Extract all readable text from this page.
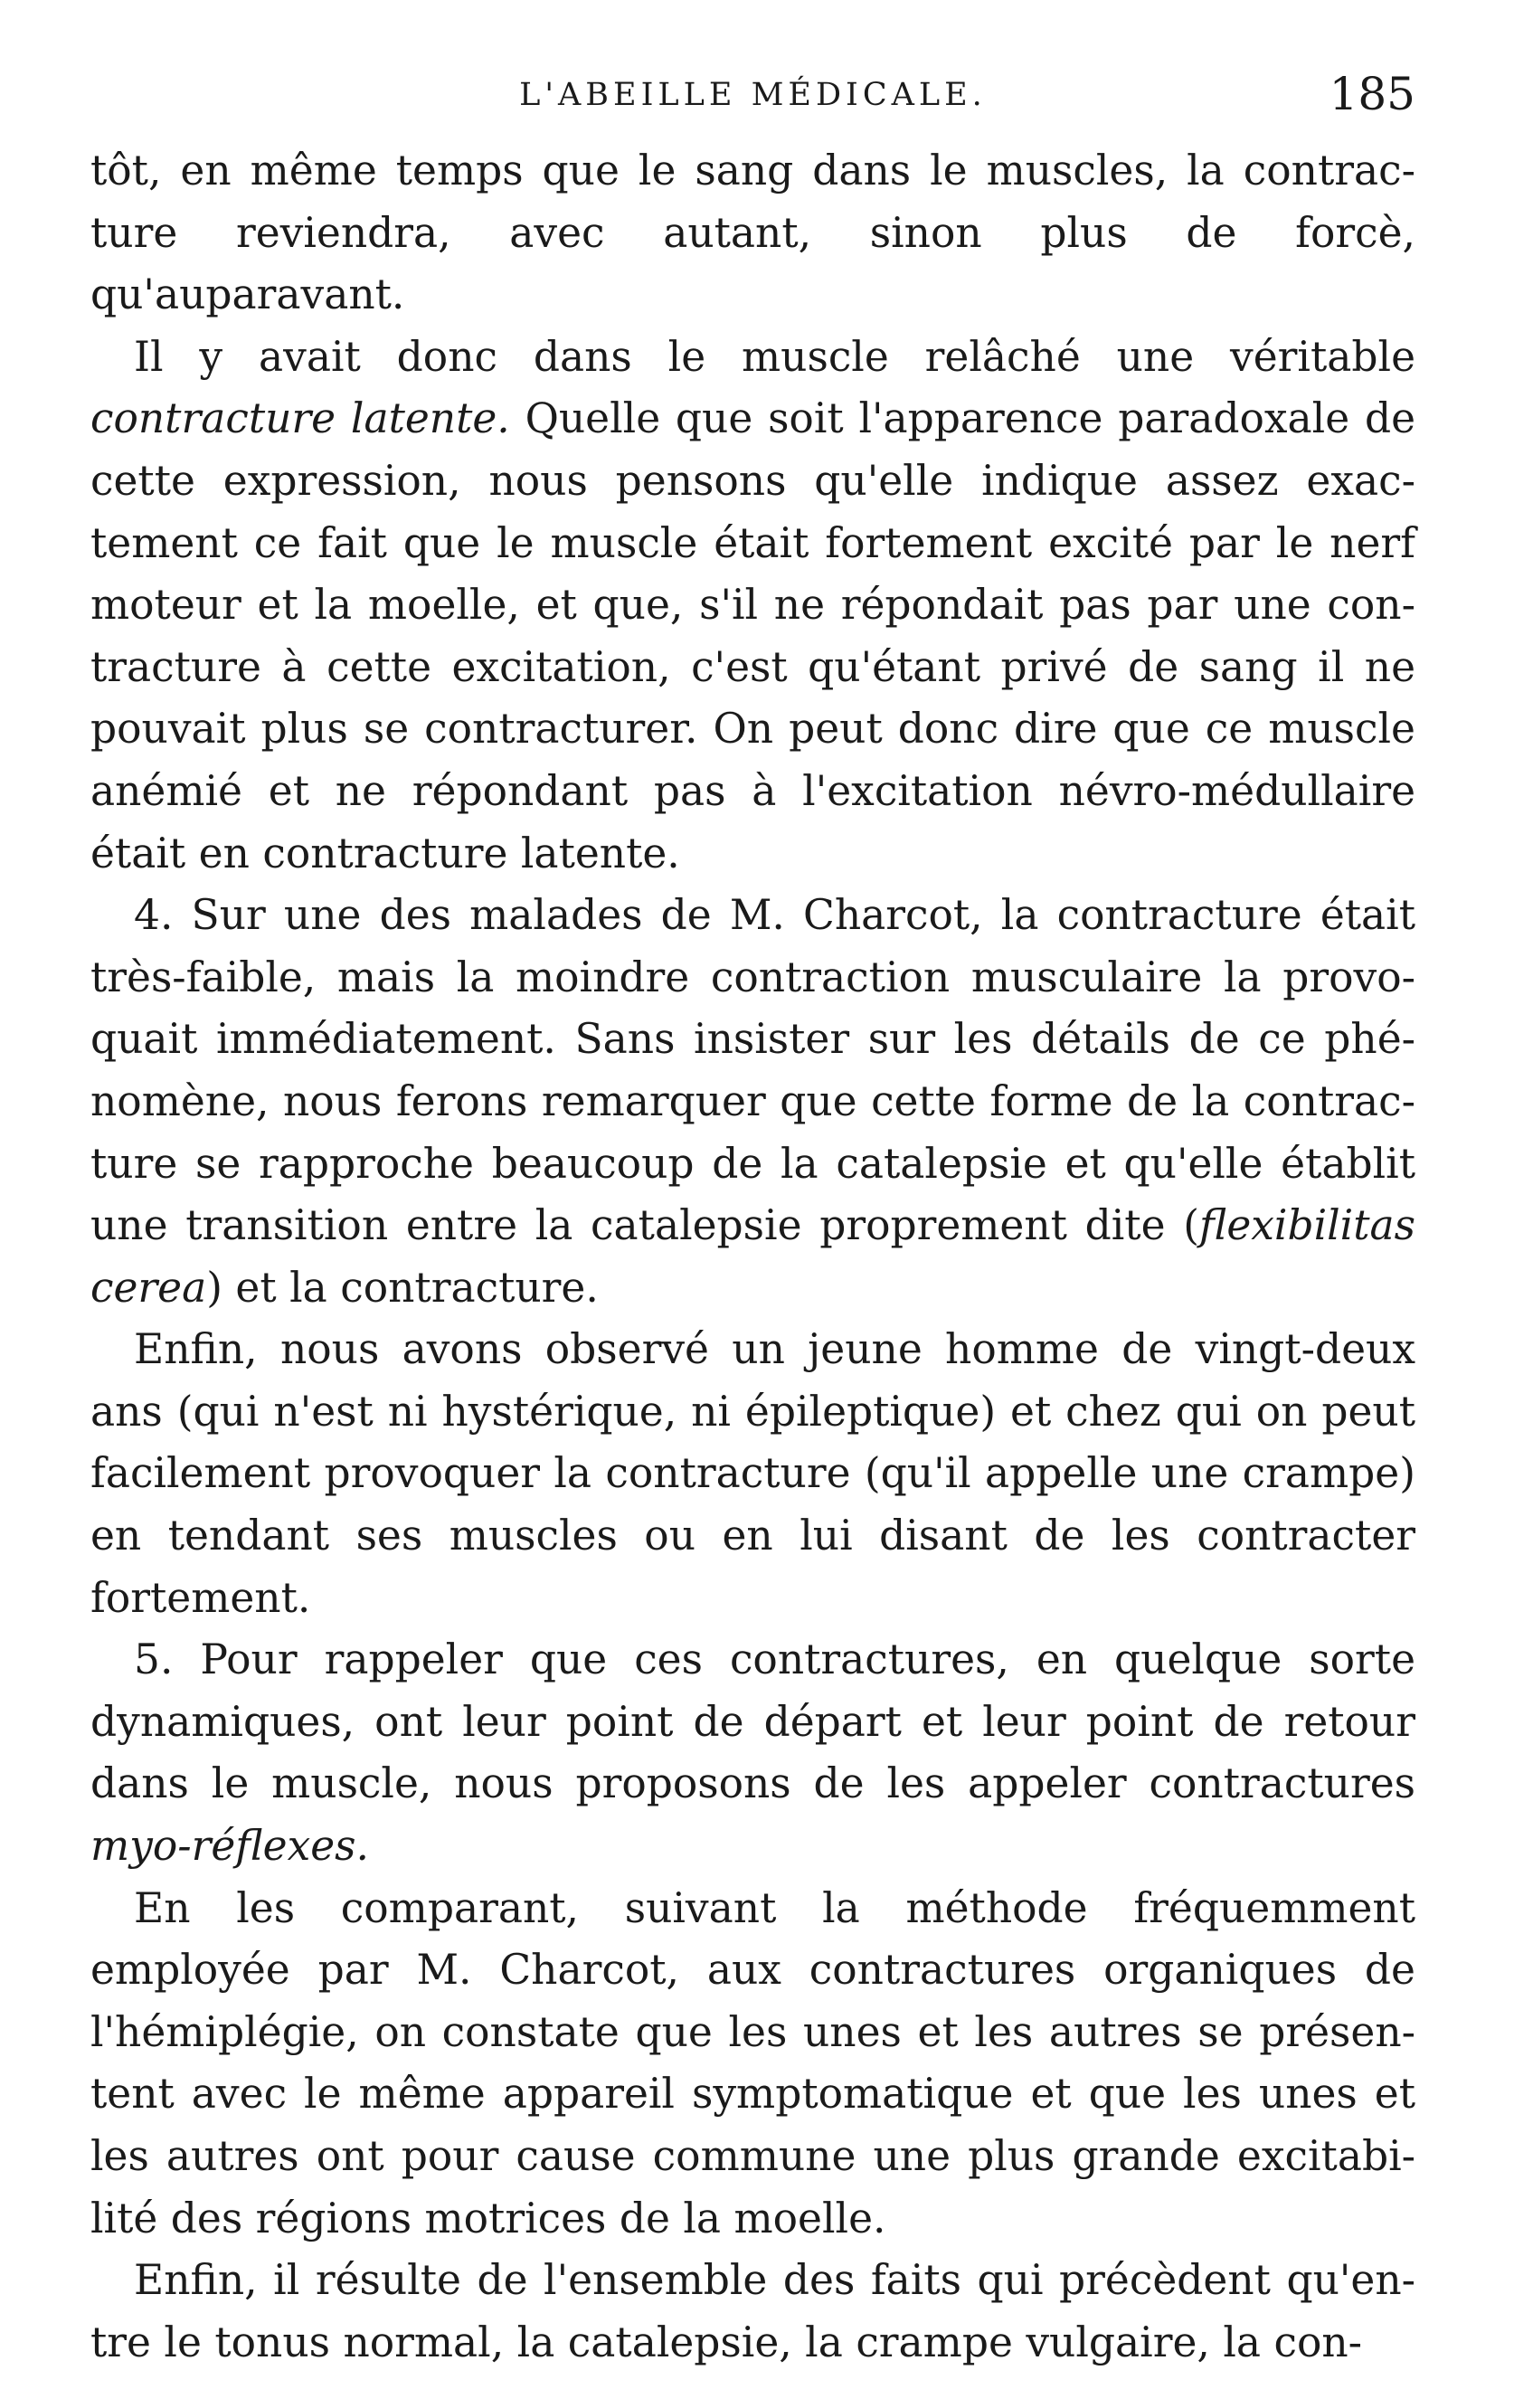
L'ABEILLE MÉDICALE.	185

tôt, en même temps que le sang dans le muscles, la contracture reviendra, avec autant, sinon plus de forcè, qu'auparavant.

Il y avait donc dans le muscle relâché une véritable contracture latente. Quelle que soit l'apparence paradoxale de cette expression, nous pensons qu'elle indique assez exactement ce fait que le muscle était fortement excité par le nerf moteur et la moelle, et que, s'il ne répondait pas par une contracture à cette excitation, c'est qu'étant privé de sang il ne pouvait plus se contracturer. On peut donc dire que ce muscle anémié et ne répondant pas à l'excitation névro-médullaire était en contracture latente.

4. Sur une des malades de M. Charcot, la contracture était très-faible, mais la moindre contraction musculaire la provoquait immédiatement. Sans insister sur les détails de ce phénomène, nous ferons remarquer que cette forme de la contracture se rapproche beaucoup de la catalepsie et qu'elle établit une transition entre la catalepsie proprement dite (flexibilitas cerea) et la contracture.

Enfin, nous avons observé un jeune homme de vingt-deux ans (qui n'est ni hystérique, ni épileptique) et chez qui on peut facilement provoquer la contracture (qu'il appelle une crampe) en tendant ses muscles ou en lui disant de les contracter fortement.

5. Pour rappeler que ces contractures, en quelque sorte dynamiques, ont leur point de départ et leur point de retour dans le muscle, nous proposons de les appeler contractures myo-réflexes.

En les comparant, suivant la méthode fréquemment employée par M. Charcot, aux contractures organiques de l'hémiplégie, on constate que les unes et les autres se présentent avec le même appareil symptomatique et que les unes et les autres ont pour cause commune une plus grande excitabilité des régions motrices de la moelle.

Enfin, il résulte de l'ensemble des faits qui précèdent qu'entre le tonus normal, la catalepsie, la crampe vulgaire, la con-
